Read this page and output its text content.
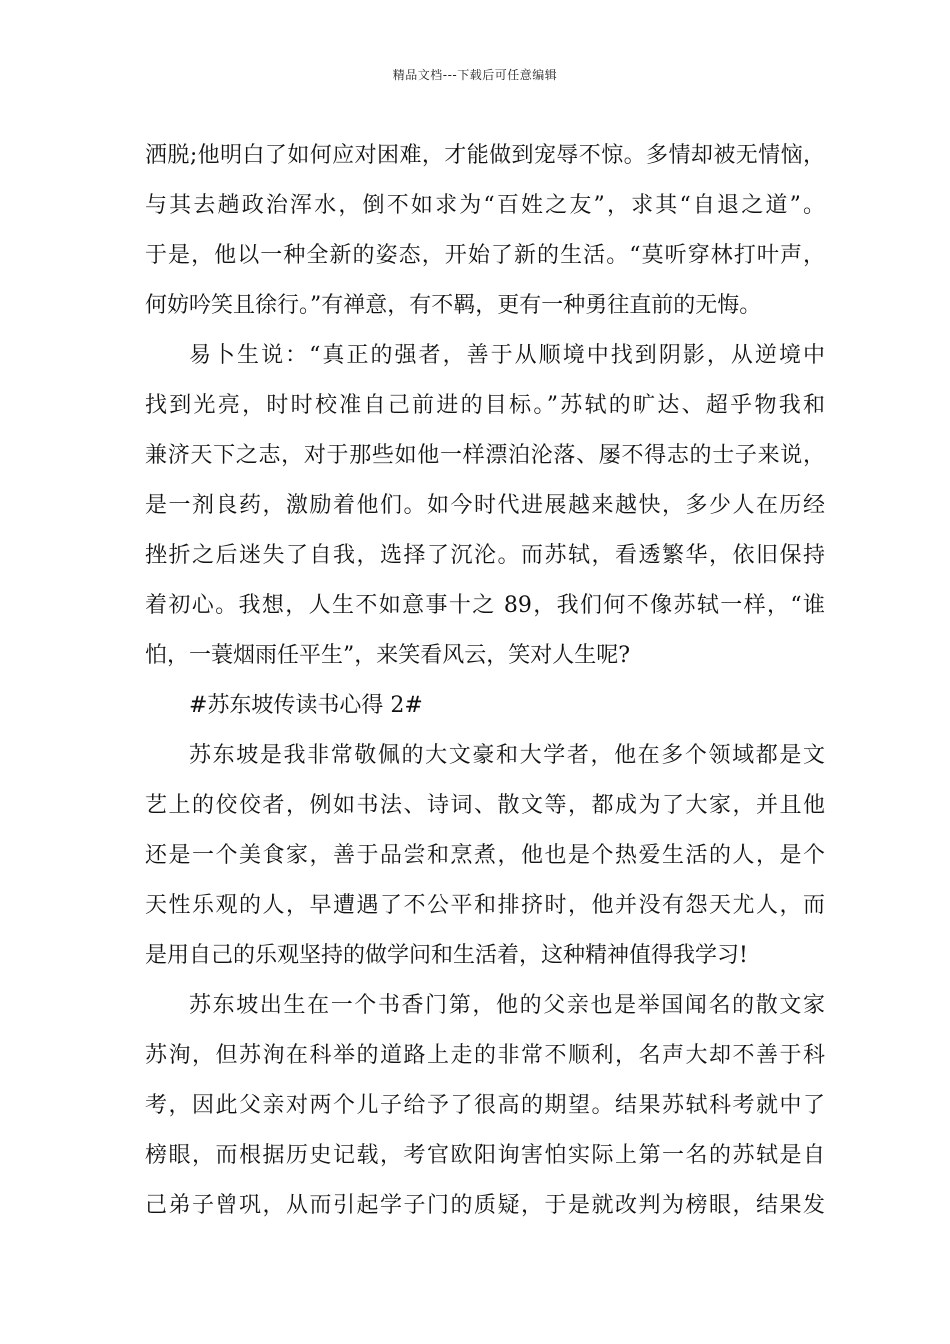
精品文档---下载后可任意编辑
洒脱;他明白了如何应对困难，才能做到宠辱不惊。多情却被无情恼，
与其去趟政治浑水，倒不如求为“百姓之友”，求其“自退之道”。
于是，他以一种全新的姿态，开始了新的生活。“莫听穿林打叶声，
何妨吟笑且徐行。”有禅意，有不羁，更有一种勇往直前的无悔。
易卜生说：“真正的强者，善于从顺境中找到阴影，从逆境中
找到光亮，时时校准自己前进的目标。”苏轼的旷达、超乎物我和
兼济天下之志，对于那些如他一样漂泊沦落、屡不得志的士子来说，
是一剂良药，激励着他们。如今时代进展越来越快，多少人在历经
挫折之后迷失了自我，选择了沉沦。而苏轼，看透繁华，依旧保持
着初心。我想，人生不如意事十之 89，我们何不像苏轼一样，“谁
怕，一蓑烟雨任平生”，来笑看风云，笑对人生呢?
#苏东坡传读书心得 2#
苏东坡是我非常敬佩的大文豪和大学者，他在多个领域都是文
艺上的佼佼者，例如书法、诗词、散文等，都成为了大家，并且他
还是一个美食家，善于品尝和烹煮，他也是个热爱生活的人，是个
天性乐观的人，早遭遇了不公平和排挤时，他并没有怨天尤人，而
是用自己的乐观坚持的做学问和生活着，这种精神值得我学习!
苏东坡出生在一个书香门第，他的父亲也是举国闻名的散文家
苏洵，但苏洵在科举的道路上走的非常不顺利，名声大却不善于科
考，因此父亲对两个儿子给予了很高的期望。结果苏轼科考就中了
榜眼，而根据历史记载，考官欧阳询害怕实际上第一名的苏轼是自
己弟子曾巩，从而引起学子门的质疑，于是就改判为榜眼，结果发
